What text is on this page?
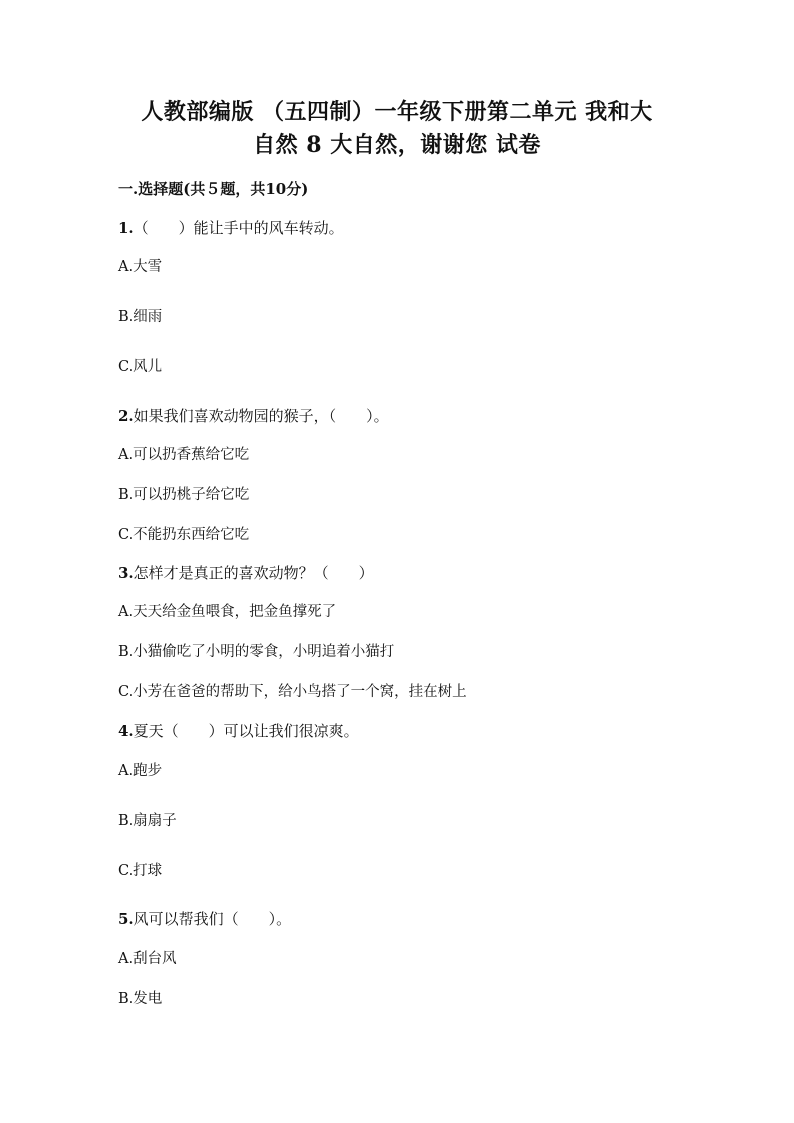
人教部编版 （五四制）一年级下册第二单元 我和大
自然 8 大自然，谢谢您 试卷
一.选择题(共５题，共10分)
1.（　　）能让手中的风车转动。
A.大雪
B.细雨
C.风儿
2.如果我们喜欢动物园的猴子，（　　）。
A.可以扔香蕉给它吃
B.可以扔桃子给它吃
C.不能扔东西给它吃
3.怎样才是真正的喜欢动物？（　　）
A.天天给金鱼喂食，把金鱼撑死了
B.小猫偷吃了小明的零食，小明追着小猫打
C.小芳在爸爸的帮助下，给小鸟搭了一个窝，挂在树上
4.夏天（　　）可以让我们很凉爽。
A.跑步
B.扇扇子
C.打球
5.风可以帮我们（　　）。
A.刮台风
B.发电
